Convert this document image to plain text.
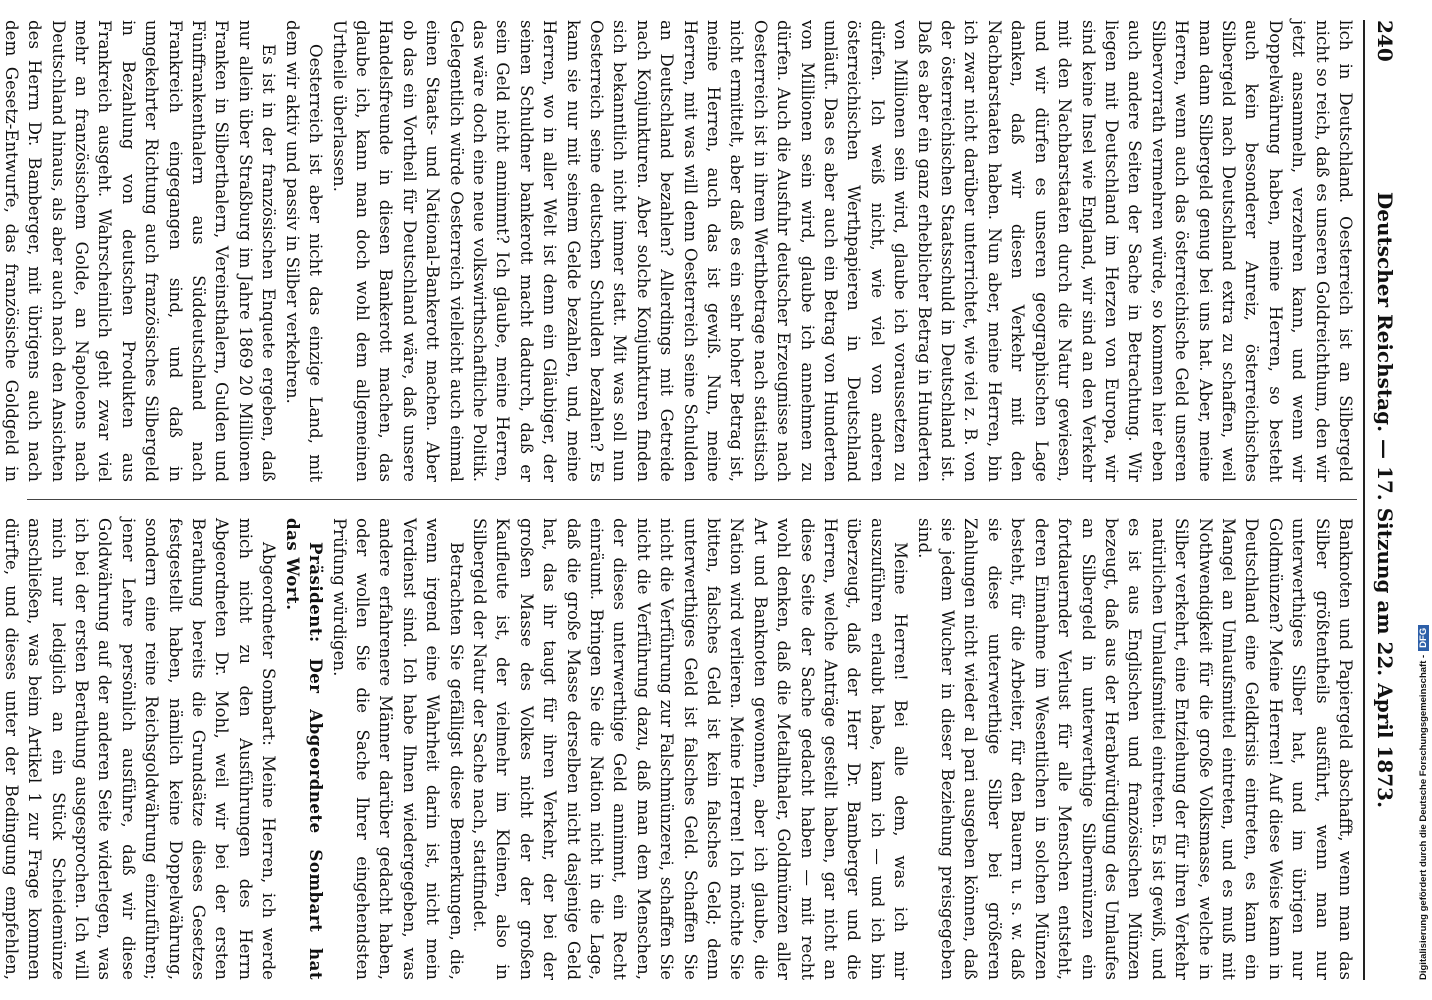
240
Deutscher Reichstag. — 17. Sitzung am 22. April 1873.

lich in Deutschland. Oesterreich ist an Silbergeld nicht so reich, daß es unseren Goldreichthum, den wir jetzt ansammeln, verzehren kann, und wenn wir Doppelwährung haben, meine Herren, so besteht auch kein besonderer Anreiz, österreichisches Silbergeld nach Deutschland extra zu schaffen, weil man dann Silbergeld genug bei uns hat. Aber, meine Herren, wenn auch das österreichische Geld unseren Silbervorrath vermehren würde, so kommen hier eben auch andere Seiten der Sache in Betrachtung. Wir liegen mit Deutschland im Herzen von Europa, wir sind keine Insel wie England, wir sind an den Verkehr mit den Nachbarstaaten durch die Natur gewiesen, und wir dürfen es unseren geographischen Lage danken, daß wir diesen Verkehr mit den Nachbarstaaten haben. Nun aber, meine Herren, bin ich zwar nicht darüber unterrichtet, wie viel z. B. von der österreichischen Staatsschuld in Deutschland ist. Daß es aber ein ganz erheblicher Betrag in Hunderten von Millionen sein wird, glaube ich voraussetzen zu dürfen. Ich weiß nicht, wie viel von anderen österreichischen Werthpapieren in Deutschland umläuft. Das es aber auch ein Betrag von Hunderten von Millionen sein wird, glaube ich annehmen zu dürfen. Auch die Ausfuhr deutscher Erzeugnisse nach Oesterreich ist in ihrem Werthbetrage nach statistisch nicht ermittelt, aber daß es ein sehr hoher Betrag ist, meine Herren, auch das ist gewiß. Nun, meine Herren, mit was will denn Oesterreich seine Schulden an Deutschland bezahlen? Allerdings mit Getreide nach Konjunkturen. Aber solche Konjunkturen finden sich bekanntlich nicht immer statt. Mit was soll nun Oesterreich seine deutschen Schulden bezahlen? Es kann sie nur mit seinem Gelde bezahlen, und, meine Herren, wo in aller Welt ist denn ein Gläubiger, der seinen Schuldner bankerott macht dadurch, daß er sein Geld nicht annimmt? Ich glaube, meine Herren, das wäre doch eine neue volkswirthschaftliche Politik. Gelegentlich würde Oesterreich vielleicht auch einmal einen Staats- und National-Bankerott machen. Aber ob das ein Vortheil für Deutschland wäre, daß unsere Handelsfreunde in diesen Bankerott machen, das glaube ich, kann man doch wohl dem allgemeinen Urtheile überlassen.

Oesterreich ist aber nicht das einzige Land, mit dem wir aktiv und passiv in Silber verkehren.

Es ist in der französischen Enquete ergeben, daß nur allein über Straßburg im Jahre 1869 20 Millionen Franken in Silberthalern, Vereinsthalern, Gulden und Fünffrankenthalern aus Süddeutschland nach Frankreich eingegangen sind, und daß in umgekehrter Richtung auch französisches Silbergeld in Bezahlung von deutschen Produkten aus Frankreich ausgeht. Wahrscheinlich geht zwar viel mehr an französischem Golde, an Napoleons nach Deutschland hinaus, als aber auch nach den Ansichten des Herrn Dr. Bamberger, mit übrigens auch nach dem Gesetz-Entwurfe, das französische Goldgeld in

Banknoten und Papiergeld abschafft, wenn man das Silber größtentheils ausführt, wenn man nur unterwerthiges Silber hat, und im übrigen nur Goldmünzen? Meine Herren! Auf diese Weise kann in Deutschland eine Geldkrisis eintreten, es kann ein Mangel an Umlaufsmittel eintreten, und es muß mit Nothwendigkeit für die große Volksmasse, welche in Silber verkehrt, eine Entziehung der für ihren Verkehr natürlichen Umlaufsmittel eintreten. Es ist gewiß, und es ist aus Englischen und französischen Münzen bezeugt, daß aus der Herabwürdigung des Umlaufes an Silbergeld in unterwerthige Silbermünzen ein fortdauernder Verlust für alle Menschen entsteht, deren Einnahme im Wesentlichen in solchen Münzen besteht, für die Arbeiter, für den Bauern u. s. w. daß sie diese unterwerthige Silber bei größeren Zahlungen nicht wieder al pari ausgeben können, daß sie jedem Wucher in dieser Beziehung preisgegeben sind.

Meine Herren! Bei alle dem, was ich mir auszuführen erlaubt habe, kann ich — und ich bin überzeugt, daß der Herr Dr. Bamberger und die Herren, welche Anträge gestellt haben, gar nicht an diese Seite der Sache gedacht haben — mit recht wohl denken, daß die Metallthaler, Goldmünzen aller Art und Banknoten gewonnen, aber ich glaube, die Nation wird verlieren. Meine Herren! Ich möchte Sie bitten, falsches Geld ist kein falsches Geld; denn unterwerthiges Geld ist falsches Geld. Schaffen Sie nicht die Verführung zur Falschmünzerei, schaffen Sie nicht die Verführung dazu, daß man dem Menschen, der dieses unterwerthige Geld annimmt, ein Recht einräumt. Bringen Sie die Nation nicht in die Lage, daß die große Masse derselben nicht dasjenige Geld hat, das ihr taugt für ihren Verkehr, der bei der großen Masse des Volkes nicht der der großen Kaufleute ist, der vielmehr im Kleinen, also in Silbergeld der Natur der Sache nach, stattfindet.

Betrachten Sie gefälligst diese Bemerkungen, die, wenn irgend eine Wahrheit darin ist, nicht mein Verdienst sind. Ich habe Ihnen wiedergegeben, was andere erfahrenere Männer darüber gedacht haben, oder wollen Sie die Sache Ihrer eingehendsten Prüfung würdigen.

Präsident: Der Abgeordnete Sombart hat das Wort.

Abgeordneter Sombart: Meine Herren, ich werde mich nicht zu den Ausführungen des Herrn Abgeordneten Dr. Mohl, weil wir bei der ersten Berathung bereits die Grundsätze dieses Gesetzes festgestellt haben, nämlich keine Doppelwährung, sondern eine reine Reichsgoldwährung einzuführen; jener Lehre persönlich ausführe, daß wir diese Goldwährung auf der anderen Seite widerlegen, was ich bei der ersten Berathung ausgesprochen. Ich will mich nur lediglich an ein Stück Scheidemünze anschließen, was beim Artikel 1 zur Frage kommen dürfte, und dieses unter der Bedingung empfehlen,	Digitalisierung gefördert durch die Deutsche Forschungsgemeinschaft -DFG
